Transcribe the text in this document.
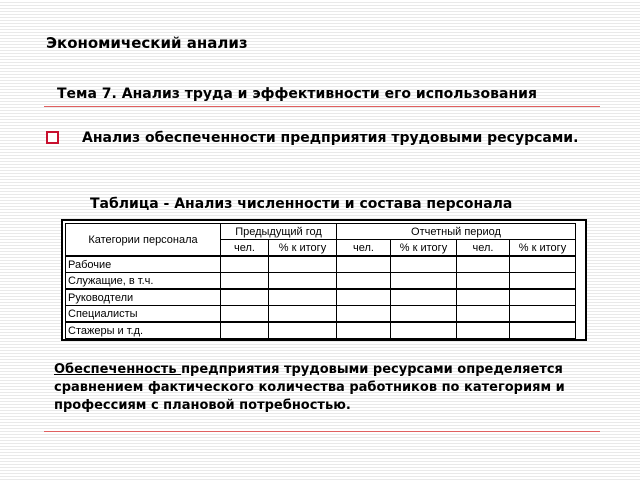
Экономический анализ
Тема 7. Анализ труда и эффективности его использования
Анализ обеспеченности предприятия трудовыми ресурсами.
Таблица - Анализ численности и состава персонала
Категории персонала	Предыдущий год		Отчетный период			
	чел.	% к итогу	чел.	% к итогу	чел.	% к итогу
Рабочие						
Служащие, в т.ч.						
Руководтели						
Специалисты						
Стажеры и т.д.						

Обеспеченность предприятия трудовыми ресурсами определяется сравнением фактического количества работников по категориям и профессиям с плановой потребностью.
